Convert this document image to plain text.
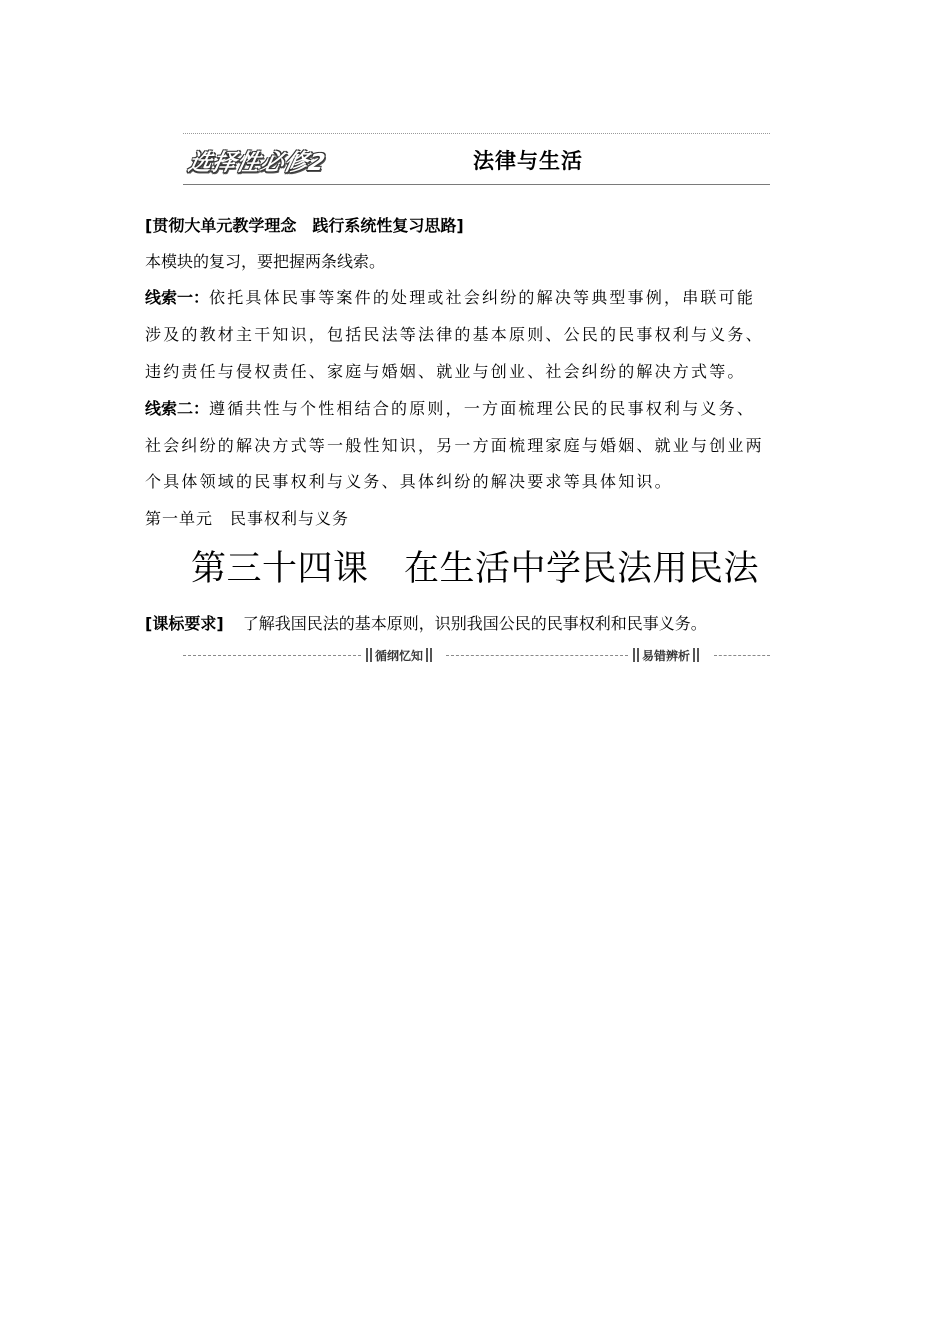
选择性必修2	法律与生活
[贯彻大单元教学理念　践行系统性复习思路]
本模块的复习，要把握两条线索。
线索一：依托具体民事等案件的处理或社会纠纷的解决等典型事例，串联可能
涉及的教材主干知识，包括民法等法律的基本原则、公民的民事权利与义务、
违约责任与侵权责任、家庭与婚姻、就业与创业、社会纠纷的解决方式等。
线索二：遵循共性与个性相结合的原则，一方面梳理公民的民事权利与义务、
社会纠纷的解决方式等一般性知识，另一方面梳理家庭与婚姻、就业与创业两
个具体领域的民事权利与义务、具体纠纷的解决要求等具体知识。
第一单元　民事权利与义务
第三十四课　在生活中学民法用民法
[课标要求] 了解我国民法的基本原则，识别我国公民的民事权利和民事义务。
循纲忆知	易错辨析
